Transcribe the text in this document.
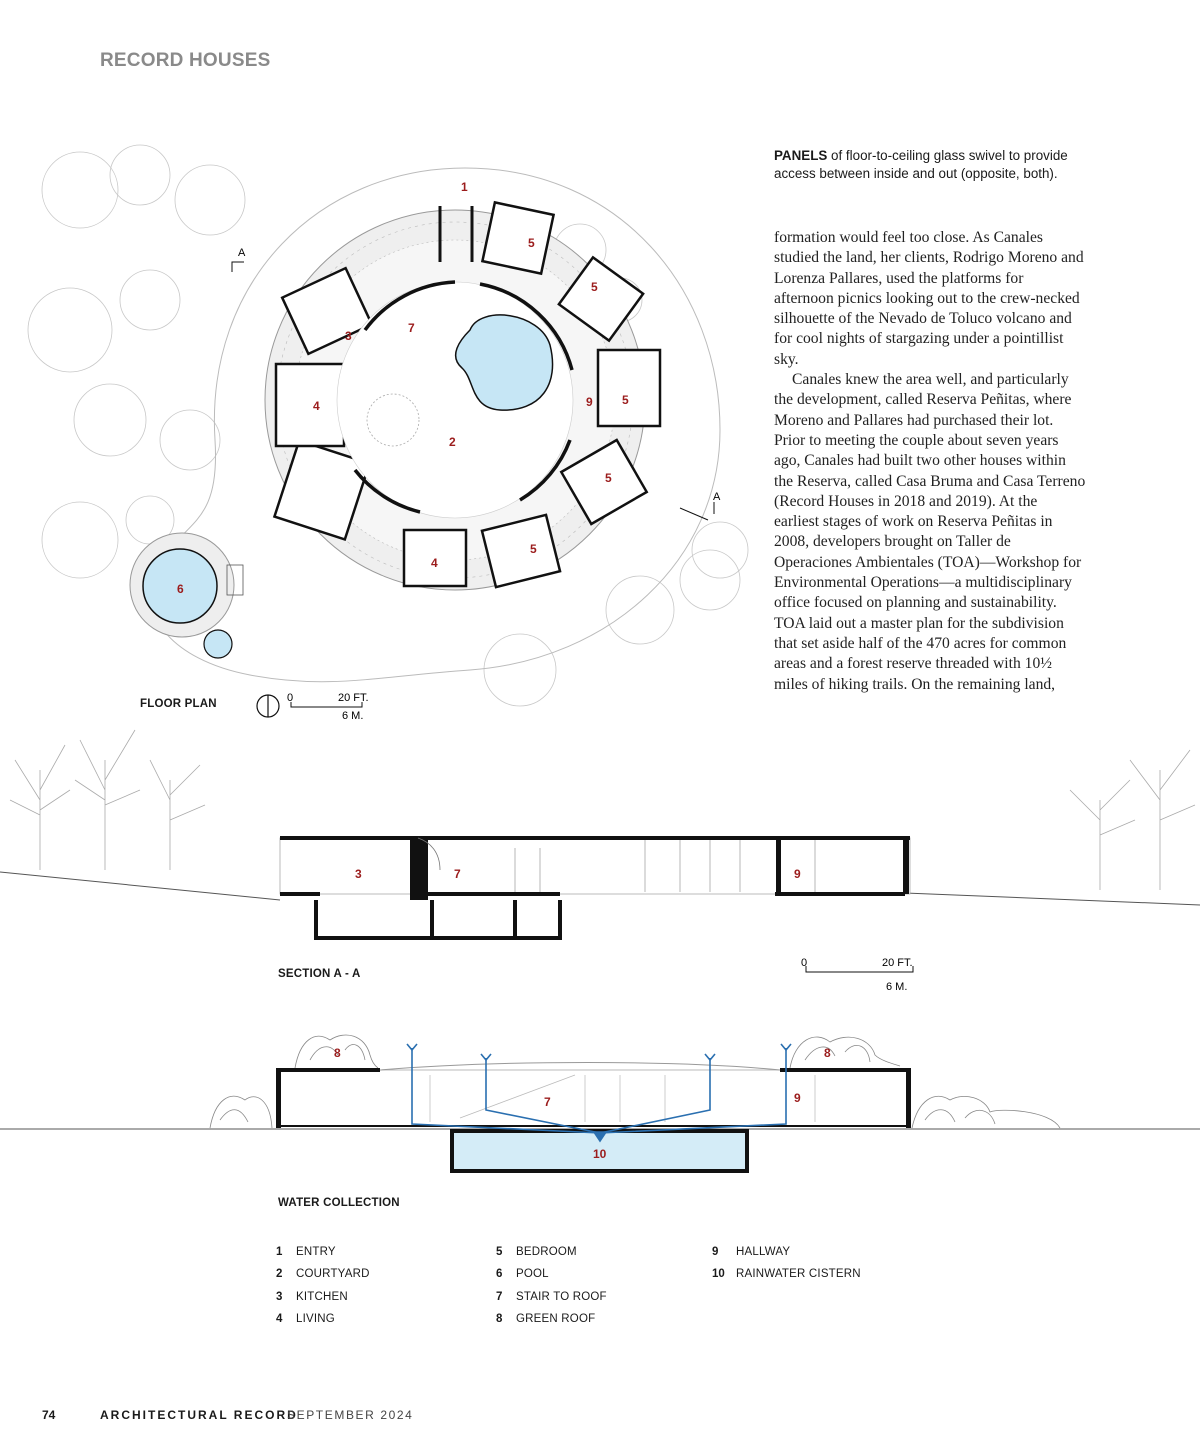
RECORD HOUSES
A
A
1
2
3
4
4
5
5
5
5
5
6
7
9
0	20 FT.
6 M.
PANELS of floor-to-ceiling glass swivel to provide access between inside and out (opposite, both).

formation would feel too close. As Canales studied the land, her clients, Rodrigo Moreno and Lorenza Pallares, used the platforms for afternoon picnics looking out to the crew-necked silhouette of the Nevado de Toluco volcano and for cool nights of stargazing under a pointillist sky.

Canales knew the area well, and particularly the development, called Reserva Peñitas, where Moreno and Pallares had purchased their lot. Prior to meeting the couple about seven years ago, Canales had built two other houses within the Reserva, called Casa Bruma and Casa Terreno (Record Houses in 2018 and 2019). At the earliest stages of work on Reserva Peñitas in 2008, developers brought on Taller de Operaciones Ambientales (TOA)—Workshop for Environmental Operations—a multidisciplinary office focused on planning and sustainability. TOA laid out a master plan for the subdivision that set aside half of the 470 acres for common areas and a forest reserve threaded with 10½ miles of hiking trails. On the remaining land,

FLOOR PLAN
3	7	9
0	20 FT.
6 M.
SECTION A - A
8	8
7	9
10
WATER COLLECTION
1	ENTRY
2	COURTYARD
3	KITCHEN
4	LIVING
5	BEDROOM
6	POOL
7	STAIR TO ROOF
8	GREEN ROOF
9	HALLWAY
10 RAINWATER CISTERN
74	ARCHITECTURAL RECORD
SEPTEMBER 2024
